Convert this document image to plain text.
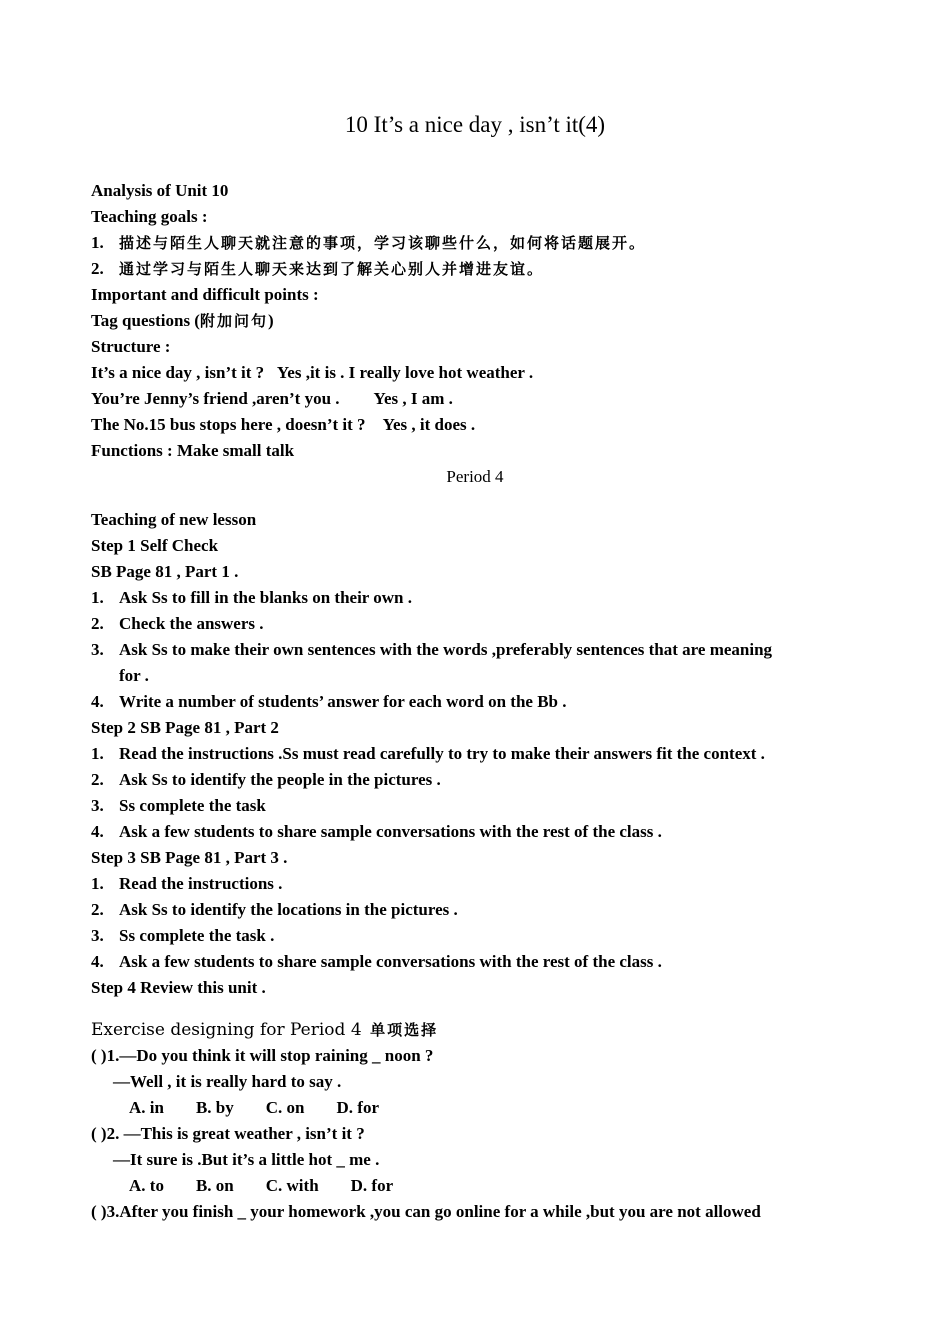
10 It’s a nice day , isn’t it(4)
Analysis of Unit 10
Teaching goals :
1. 描述与陌生人聊天就注意的事项，学习该聊些什么，如何将话题展开。
2. 通过学习与陌生人聊天来达到了解关心别人并增进友谊。
Important and difficult points :
Tag questions (附加问句)
Structure :
It’s a nice day , isn’t it ? Yes ,it is . I really love hot weather .
You’re Jenny’s friend ,aren’t you . Yes , I am .
The No.15 bus stops here , doesn’t it ? Yes , it does .
Functions : Make small talk
Period 4
Teaching of new lesson
Step 1 Self Check
SB Page 81 , Part 1 .
1. Ask Ss to fill in the blanks on their own .
2. Check the answers .
3. Ask Ss to make their own sentences with the words ,preferably sentences that are meaning
for .
4. Write a number of students’ answer for each word on the Bb .
Step 2 SB Page 81 , Part 2
1. Read the instructions .Ss must read carefully to try to make their answers fit the context .
2. Ask Ss to identify the people in the pictures .
3. Ss complete the task
4. Ask a few students to share sample conversations with the rest of the class .
Step 3 SB Page 81 , Part 3 .
1. Read the instructions .
2. Ask Ss to identify the locations in the pictures .
3. Ss complete the task .
4. Ask a few students to share sample conversations with the rest of the class .
Step 4 Review this unit .
Exercise designing for Period 4 单项选择
( )1.—Do you think it will stop raining _ noon ?
—Well , it is really hard to say .
A. in B. by C. on D. for
( )2. —This is great weather , isn’t it ?
—It sure is .But it’s a little hot _ me .
A. to B. on C. with D. for
( )3.After you finish _ your homework ,you can go online for a while ,but you are not allowed
